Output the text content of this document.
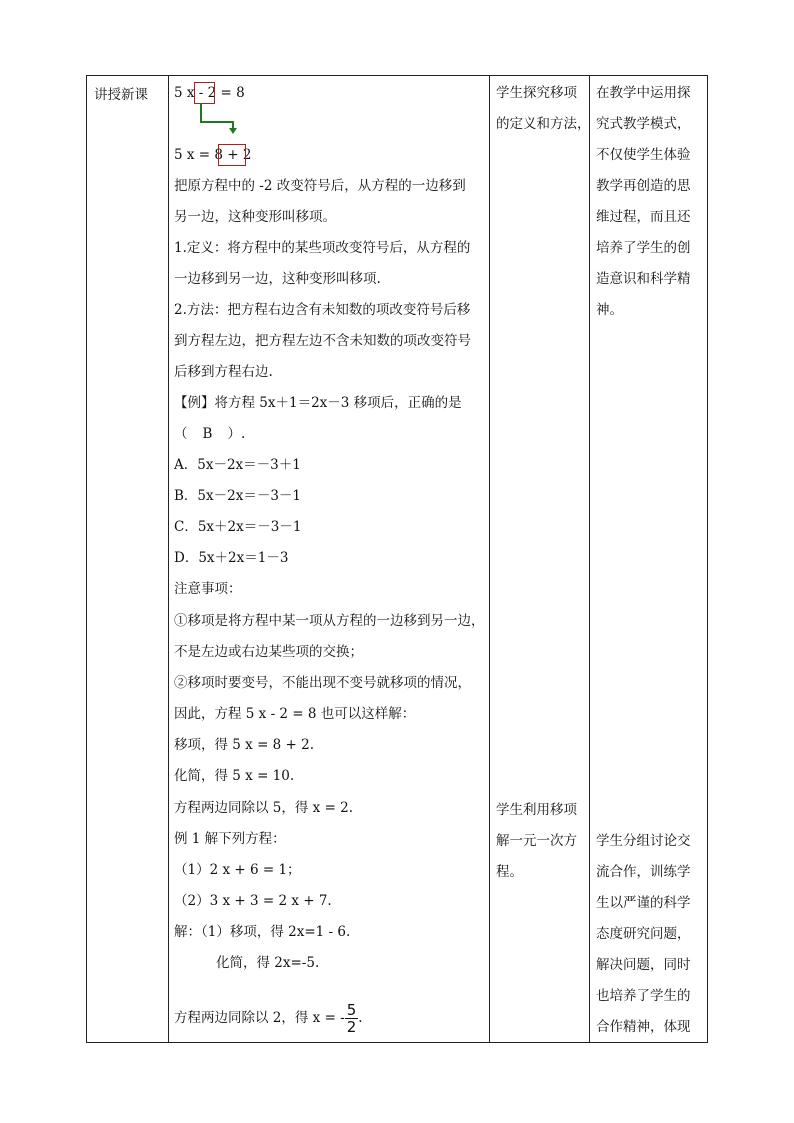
讲授新课 5 x - 2 = 8
5 x = 8 + 2
把原方程中的 -2 改变符号后，从方程的一边移到
另一边，这种变形叫移项。
1.定义：将方程中的某些项改变符号后，从方程的
一边移到另一边，这种变形叫移项.
2.方法：把方程右边含有未知数的项改变符号后移
到方程左边，把方程左边不含未知数的项改变符号
后移到方程右边.
【例】将方程 5x＋1＝2x－3 移项后，正确的是
（ B ）.
A．5x－2x＝－3＋1
B．5x－2x＝－3－1
C．5x＋2x＝－3－1
D．5x＋2x＝1－3
注意事项：
①移项是将方程中某一项从方程的一边移到另一边，
不是左边或右边某些项的交换；
②移项时要变号，不能出现不变号就移项的情况，
因此，方程 5 x - 2 = 8 也可以这样解：
移项，得 5 x = 8 + 2.
化简，得 5 x = 10.
方程两边同除以 5，得 x = 2.
例 1 解下列方程：
（1）2 x + 6 = 1；
（2）3 x + 3 = 2 x + 7.
解：（1）移项，得 2x=1 - 6.
化简，得 2x=-5.
方程两边同除以 2，得 x = - $\frac{5}{2}$ .
学生探究移项
的定义和方法，
学生利用移项
解一元一次方
程。
在教学中运用探
究式教学模式，
不仅使学生体验
教学再创造的思
维过程，而且还
培养了学生的创
造意识和科学精
神。
学生分组讨论交
流合作，训练学
生以严谨的科学
态度研究问题，
解决问题，同时
也培养了学生的
合作精神，体现
